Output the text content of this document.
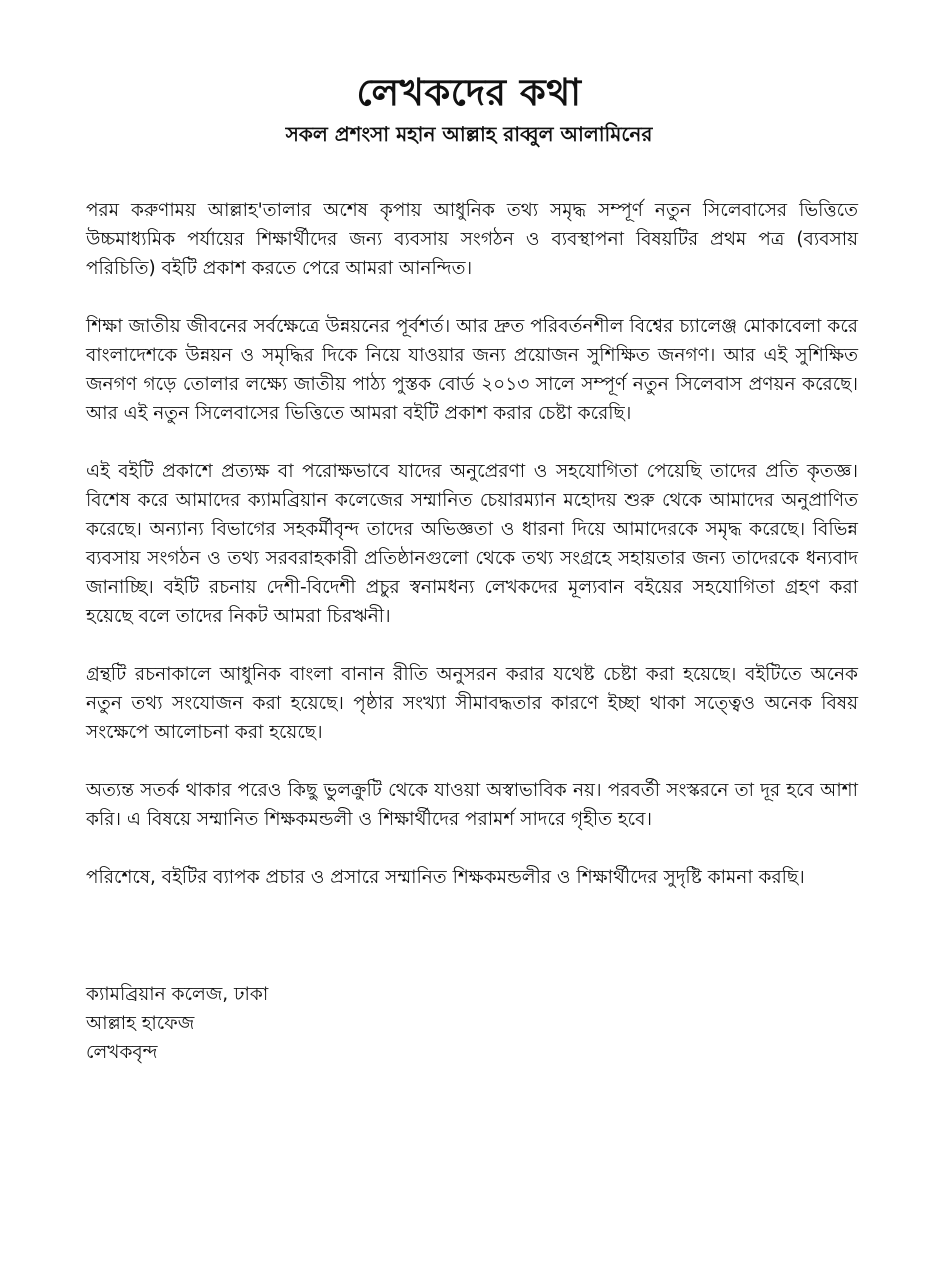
লেখকদের কথা
সকল প্রশংসা মহান আল্লাহ রাব্বুল আলামিনের

পরম করুণাময় আল্লাহ'তালার অশেষ কৃপায় আধুনিক তথ্য সমৃদ্ধ সম্পূর্ণ নতুন সিলেবাসের ভিত্তিতে উচ্চমাধ্যমিক পর্যায়ের শিক্ষার্থীদের জন্য ব্যবসায় সংগঠন ও ব্যবস্থাপনা বিষয়টির প্রথম পত্র (ব্যবসায় পরিচিতি) বইটি প্রকাশ করতে পেরে আমরা আনন্দিত।

শিক্ষা জাতীয় জীবনের সর্বক্ষেত্রে উন্নয়নের পূর্বশর্ত। আর দ্রুত পরিবর্তনশীল বিশ্বের চ্যালেঞ্জ মোকাবেলা করে বাংলাদেশকে উন্নয়ন ও সমৃদ্ধির দিকে নিয়ে যাওয়ার জন্য প্রয়োজন সুশিক্ষিত জনগণ। আর এই সুশিক্ষিত জনগণ গড়ে তোলার লক্ষ্যে জাতীয় পাঠ্য পুস্তক বোর্ড ২০১৩ সালে সম্পূর্ণ নতুন সিলেবাস প্রণয়ন করেছে। আর এই নতুন সিলেবাসের ভিত্তিতে আমরা বইটি প্রকাশ করার চেষ্টা করেছি।

এই বইটি প্রকাশে প্রত্যক্ষ বা পরোক্ষভাবে যাদের অনুপ্রেরণা ও সহযোগিতা পেয়েছি তাদের প্রতি কৃতজ্ঞ। বিশেষ করে আমাদের ক্যামব্রিয়ান কলেজের সম্মানিত চেয়ারম্যান মহোদয় শুরু থেকে আমাদের অনুপ্রাণিত করেছে। অন্যান্য বিভাগের সহকর্মীবৃন্দ তাদের অভিজ্ঞতা ও ধারনা দিয়ে আমাদেরকে সমৃদ্ধ করেছে। বিভিন্ন ব্যবসায় সংগঠন ও তথ্য সরবরাহকারী প্রতিষ্ঠানগুলো থেকে তথ্য সংগ্রহে সহায়তার জন্য তাদেরকে ধন্যবাদ জানাচ্ছি। বইটি রচনায় দেশী-বিদেশী প্রচুর স্বনামধন্য লেখকদের মূল্যবান বইয়ের সহযোগিতা গ্রহণ করা হয়েছে বলে তাদের নিকট আমরা চিরঋনী।

গ্রন্থটি রচনাকালে আধুনিক বাংলা বানান রীতি অনুসরন করার যথেষ্ট চেষ্টা করা হয়েছে। বইটিতে অনেক নতুন তথ্য সংযোজন করা হয়েছে। পৃষ্ঠার সংখ্যা সীমাবদ্ধতার কারণে ইচ্ছা থাকা সত্ত্বেও অনেক বিষয় সংক্ষেপে আলোচনা করা হয়েছে।

অত্যন্ত সতর্ক থাকার পরেও কিছু ভুলক্রুটি থেকে যাওয়া অস্বাভাবিক নয়। পরবর্তী সংস্করনে তা দূর হবে আশা করি। এ বিষয়ে সম্মানিত শিক্ষকমন্ডলী ও শিক্ষার্থীদের পরামর্শ সাদরে গৃহীত হবে।

পরিশেষে, বইটির ব্যাপক প্রচার ও প্রসারে সম্মানিত শিক্ষকমন্ডলীর ও শিক্ষার্থীদের সুদৃষ্টি কামনা করছি।

ক্যামব্রিয়ান কলেজ, ঢাকা
আল্লাহ হাফেজ
লেখকবৃন্দ
